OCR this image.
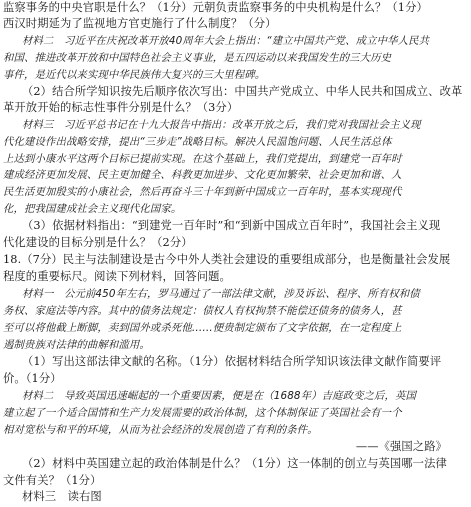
监察事务的中央官职是什么？（1分）元朝负责监察事务的中央机构是什么？（1分）
西汉时期延为了监视地方官吏施行了什么制度？（分）
材料二　习近平在庆祝改革开放40周年大会上指出：“建立中国共产党、成立中华人民共
和国、推进改革开放和中国特色社会主义事业，是五四运动以来我国发生的三大历史
事件，是近代以来实现中华民族伟大复兴的三大里程碑。
（2）结合所学知识按先后顺序依次写出：中国共产党成立、中华人民共和国成立、改革
革开放开始的标志性事件分别是什么？（3分）
材料三　习近平总书记在十九大报告中指出：改革开放之后，我们党对我国社会主义现
代化建设作出战略安排，提出“三步走”战略目标。解决人民温饱问题、人民生活总体
上达到小康水平这两个目标已提前实现。在这个基础上，我们党提出，到建党一百年时
建成经济更加发展、民主更加健全、科教更加进步、文化更加繁荣、社会更加和谐、人
民生活更加殷实的小康社会，然后再奋斗三十年到新中国成立一百年时，基本实现现代
化，把我国建成社会主义现代化国家。
（3）依据材料指出：“到建党一百年时”和“到新中国成立百年时”，我国社会主义现
代化建设的目标分别是什么？（2分）
18.（7分）民主与法制建设是古今中外人类社会建设的重要组成部分，也是衡量社会发展
程度的重要标尺。阅读下列材料，回答问题。
材料一　公元前450年左右，罗马通过了一部法律文献，涉及诉讼、程序、所有权和债
务权、家庭法等内容。其中的债务法规定：债权人有权拘禁不能偿还债务的债务人，甚
至可以将他截上断脚，卖到国外或杀死他……便贵制定颁布了文字依据，在一定程度上
遏制贵族对法律的曲解和滥用。
（1）写出这部法律文献的名称。（1分）依据材料结合所学知识该法律文献作简要评
价。（1分）
材料二　导致英国迅速崛起的一个重要因素，便是在（1688年）吉庭政变之后，英国
建立起了一个适合国情和生产力发展需要的政治体制，这个体制保证了英国社会有一个
相对宽松与和平的环境，从而为社会经济的发展创造了有利的条件。
——《强国之路》
（2）材料中英国建立起的政治体制是什么？（1分）这一体制的创立与英国哪一法律
文件有关？（1分）
材料三　读右图
